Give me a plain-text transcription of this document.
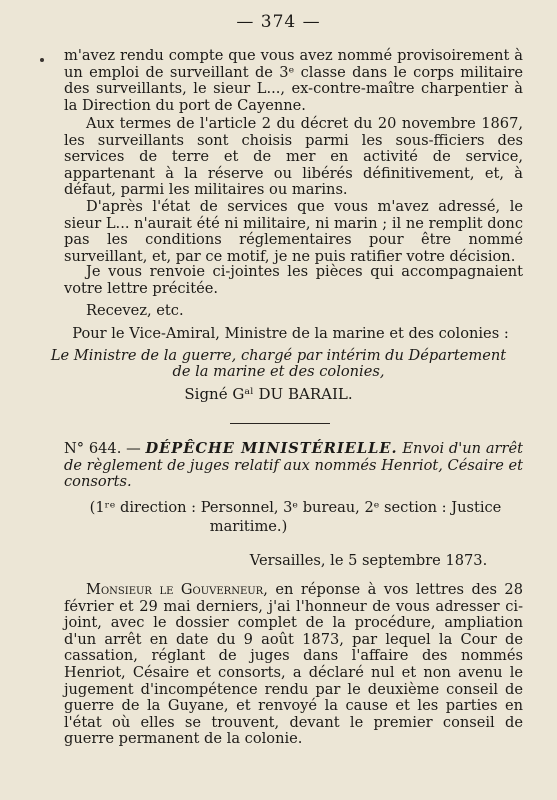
— 374 —
m'avez rendu compte que vous avez nommé provisoirement à un emploi de surveillant de 3ᵉ classe dans le corps militaire des surveillants, le sieur L..., ex-contre-maître charpentier à la Direction du port de Cayenne.
Aux termes de l'article 2 du décret du 20 novembre 1867, les surveillants sont choisis parmi les sous-fficiers des services de terre et de mer en activité de service, appartenant à la réserve ou libérés définitivement, et, à défaut, parmi les militaires ou marins.
D'après l'état de services que vous m'avez adressé, le sieur L... n'aurait été ni militaire, ni marin ; il ne remplit donc pas les conditions réglementaires pour être nommé surveillant, et, par ce motif, je ne puis ratifier votre décision.
Je vous renvoie ci-jointes les pièces qui accompagnaient votre lettre précitée.
Recevez, etc.
Pour le Vice-Amiral, Ministre de la marine et des colonies :
Le Ministre de la guerre, chargé par intérim du Département
de la marine et des colonies,
Signé Gᵃˡ DU BARAIL.
N° 644. — DÉPÊCHE MINISTÉRIELLE. Envoi d'un arrêt de règlement de juges relatif aux nommés Henriot, Césaire et consorts.
(1ʳᵉ direction : Personnel, 3ᵉ bureau, 2ᵉ section : Justice
maritime.)
Versailles, le 5 septembre 1873.
Monsieur le Gouverneur, en réponse à vos lettres des 28 février et 29 mai derniers, j'ai l'honneur de vous adresser ci-joint, avec le dossier complet de la procédure, ampliation d'un arrêt en date du 9 août 1873, par lequel la Cour de cassation, réglant de juges dans l'affaire des nommés Henriot, Césaire et consorts, a déclaré nul et non avenu le jugement d'incompétence rendu par le deuxième conseil de guerre de la Guyane, et renvoyé la cause et les parties en l'état où elles se trouvent, devant le premier conseil de guerre permanent de la colonie.
